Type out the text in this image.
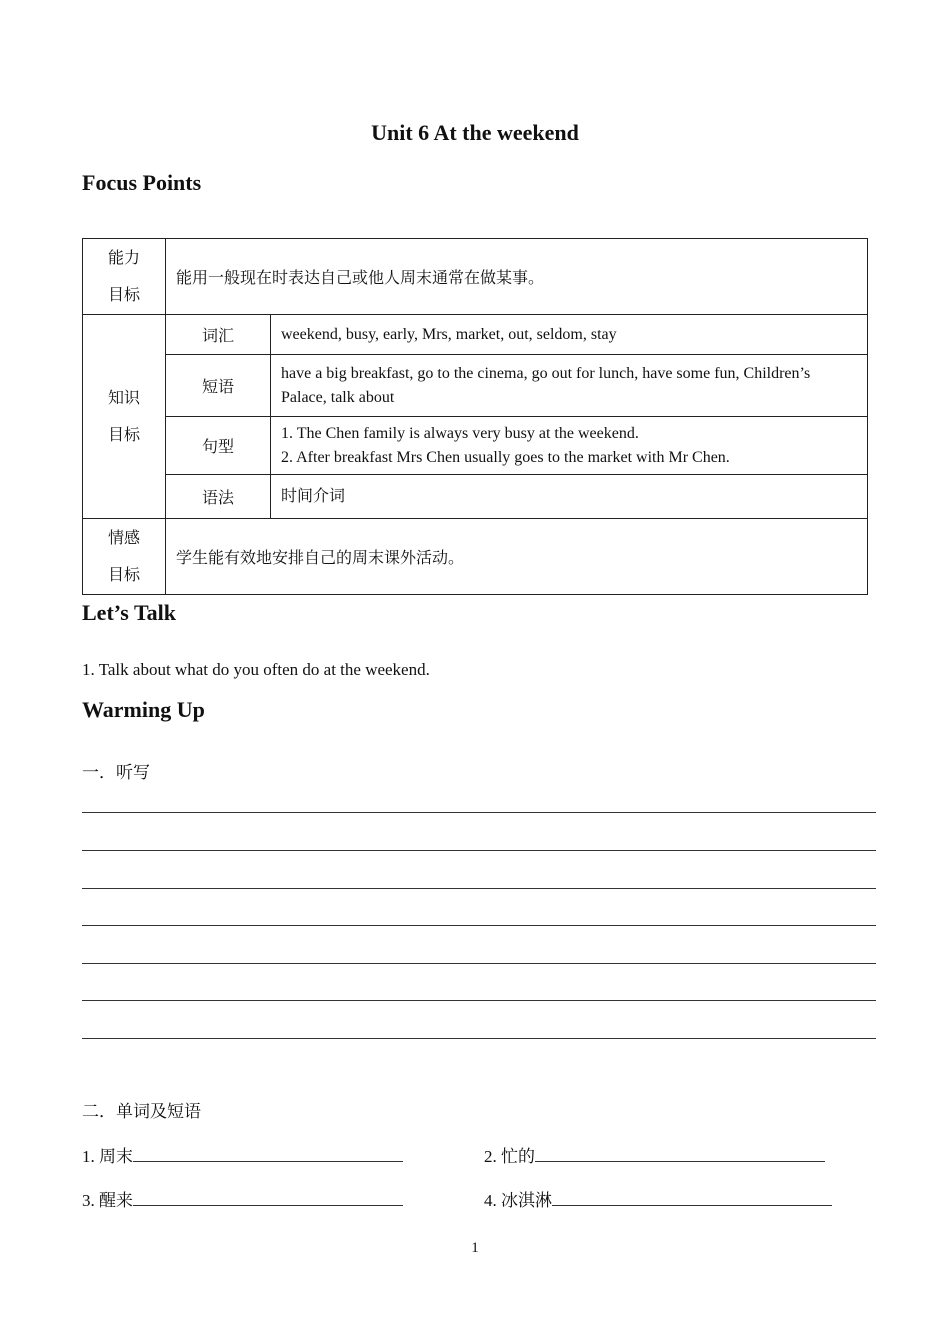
Unit 6 At the weekend
Focus Points
能力
目标	能用一般现在时表达自己或他人周末通常在做某事。	
知识
目标	词汇	weekend, busy, early, Mrs, market, out, seldom, stay
	短语	have a big breakfast, go to the cinema, go out for lunch, have some fun, Children’s Palace, talk about
	句型	1. The Chen family is always very busy at the weekend.
2. After breakfast Mrs Chen usually goes to the market with Mr Chen.
	语法	时间介词
情感
目标	学生能有效地安排自己的周末课外活动。	
Let’s Talk
1. Talk about what do you often do at the weekend.
Warming Up
一．听写
二．单词及短语
1. 周末	2. 忙的
3. 醒来	4. 冰淇淋
1
